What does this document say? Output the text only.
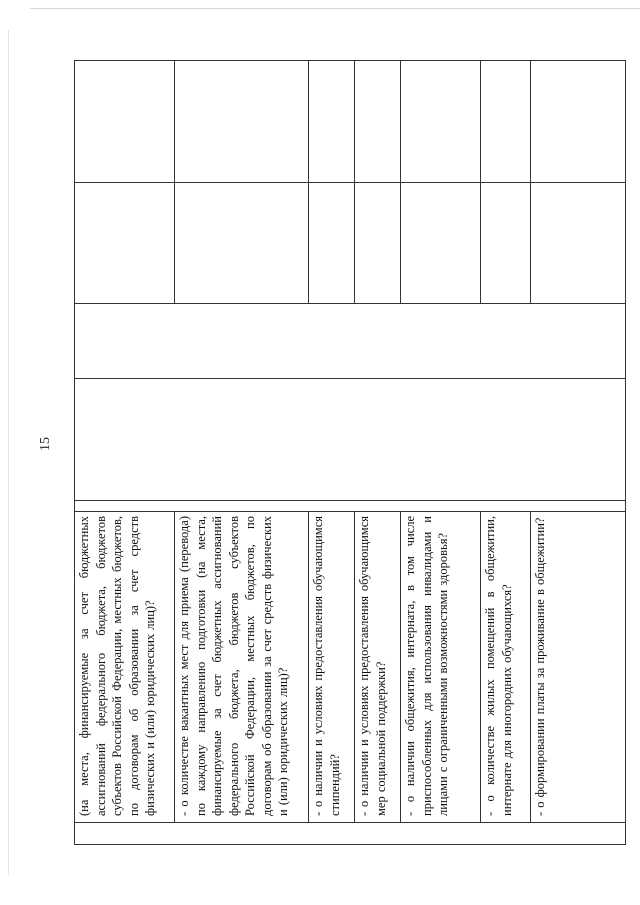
15

	(на места, финансируемые за счет бюджетных ассигнований федерального бюджета, бюджетов субъектов Российской Федерации, местных бюджетов, по договорам об образовании за счет средств физических и (или) юридических лиц)?					

	- о количестве вакантных мест для приема (перевода) по каждому направлению подготовки (на места, финансируемые за счет бюджетных ассигнований федерального бюджета, бюджетов субъектов Российской Федерации, местных бюджетов, по договорам об образовании за счет средств физических и (или) юридических лиц)?					

	- о наличии и условиях предоставления обучающимся стипендий?					

	- о наличии и условиях предоставления обучающимся мер социальной поддержки?					

	- о наличии общежития, интерната, в том числе приспособленных для использования инвалидами и лицами с ограниченными возможностями здоровья?					

	- о количестве жилых помещений в общежитии, интернате для иногородних обучающихся?					

	- о формировании платы за проживание в общежитии?					
